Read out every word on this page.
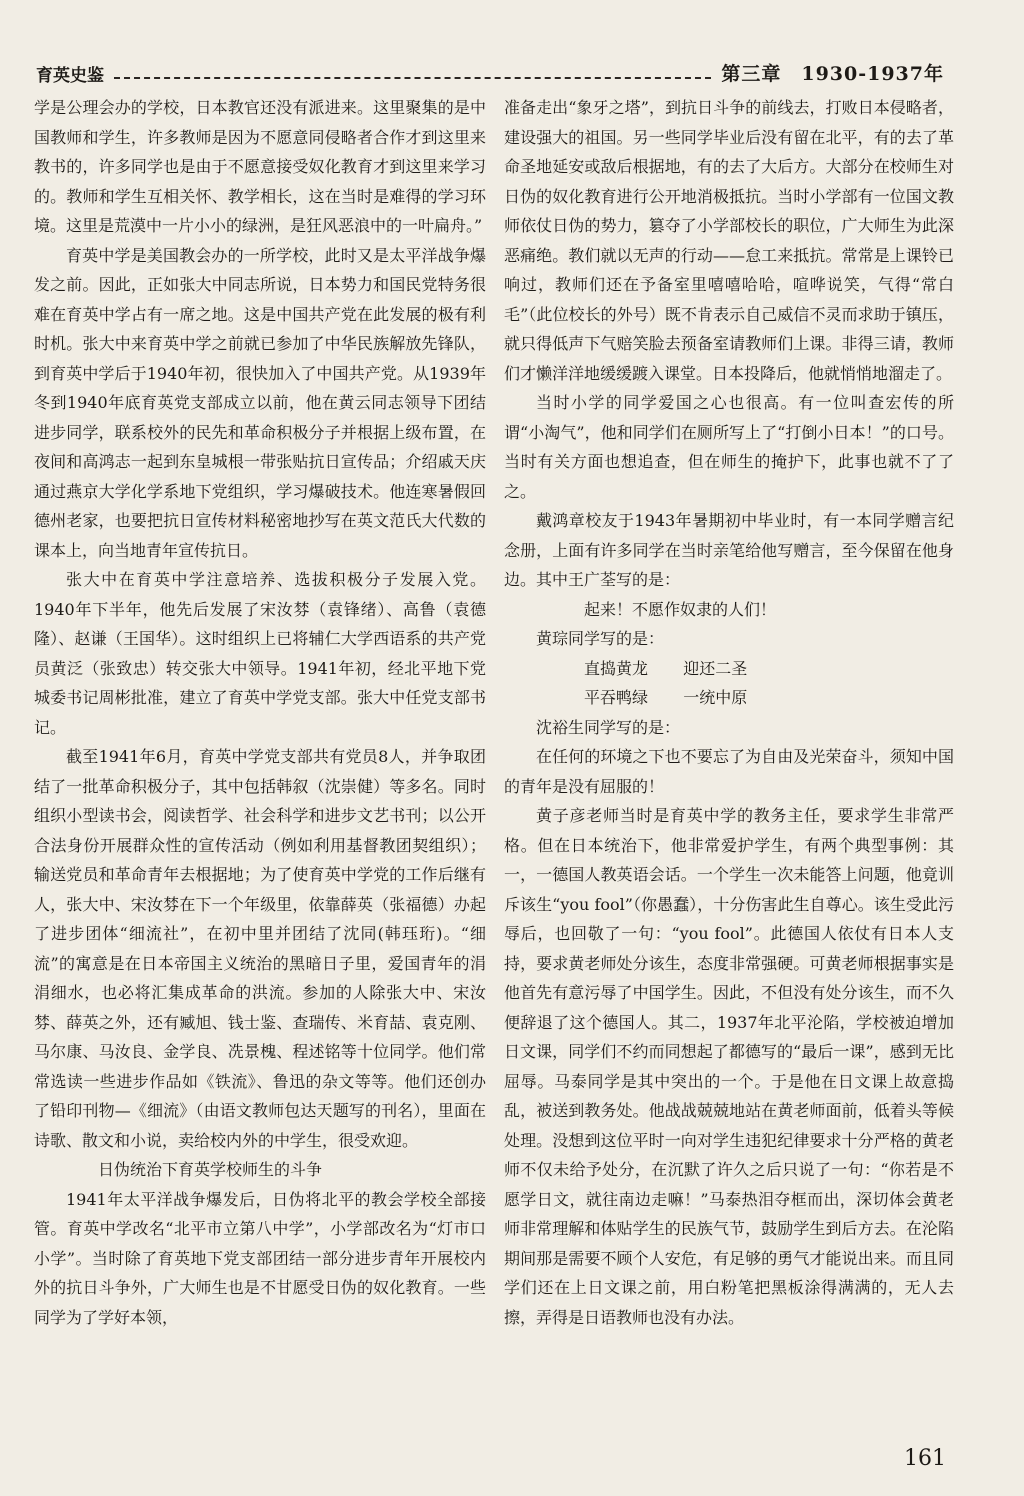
育英史鉴	第三章　1930-1937年

学是公理会办的学校，日本教官还没有派进来。这里聚集的是中国教师和学生，许多教师是因为不愿意同侵略者合作才到这里来教书的，许多同学也是由于不愿意接受奴化教育才到这里来学习的。教师和学生互相关怀、教学相长，这在当时是难得的学习环境。这里是荒漠中一片小小的绿洲，是狂风恶浪中的一叶扁舟。”

育英中学是美国教会办的一所学校，此时又是太平洋战争爆发之前。因此，正如张大中同志所说，日本势力和国民党特务很难在育英中学占有一席之地。这是中国共产党在此发展的极有利时机。张大中来育英中学之前就已参加了中华民族解放先锋队，到育英中学后于1940年初，很快加入了中国共产党。从1939年冬到1940年底育英党支部成立以前，他在黄云同志领导下团结进步同学，联系校外的民先和革命积极分子并根据上级布置，在夜间和高鸿志一起到东皇城根一带张贴抗日宣传品；介绍戚天庆通过燕京大学化学系地下党组织，学习爆破技术。他连寒暑假回德州老家，也要把抗日宣传材料秘密地抄写在英文范氏大代数的课本上，向当地青年宣传抗日。

张大中在育英中学注意培养、选拔积极分子发展入党。1940年下半年，他先后发展了宋汝棼（袁锋绪）、高鲁（袁德隆）、赵谦（王国华）。这时组织上已将辅仁大学西语系的共产党员黄泛（张致忠）转交张大中领导。1941年初，经北平地下党城委书记周彬批准，建立了育英中学党支部。张大中任党支部书记。

截至1941年6月，育英中学党支部共有党员8人，并争取团结了一批革命积极分子，其中包括韩叙（沈崇健）等多名。同时组织小型读书会，阅读哲学、社会科学和进步文艺书刊；以公开合法身份开展群众性的宣传活动（例如利用基督教团契组织）；输送党员和革命青年去根据地；为了使育英中学党的工作后继有人，张大中、宋汝棼在下一个年级里，依靠薛英（张福德）办起了进步团体“细流社”，在初中里并团结了沈同(韩珏珩)。“细流”的寓意是在日本帝国主义统治的黑暗日子里，爱国青年的涓涓细水，也必将汇集成革命的洪流。参加的人除张大中、宋汝棼、薛英之外，还有臧旭、钱士鉴、查瑞传、米育喆、袁克刚、马尔康、马汝良、金学良、冼景槐、程述铭等十位同学。他们常常选读一些进步作品如《铁流》、鲁迅的杂文等等。他们还创办了铅印刊物—《细流》（由语文教师包达天题写的刊名），里面在诗歌、散文和小说，卖给校内外的中学生，很受欢迎。

日伪统治下育英学校师生的斗争

1941年太平洋战争爆发后，日伪将北平的教会学校全部接管。育英中学改名“北平市立第八中学”，小学部改名为“灯市口小学”。当时除了育英地下党支部团结一部分进步青年开展校内外的抗日斗争外，广大师生也是不甘愿受日伪的奴化教育。一些同学为了学好本领，

准备走出“象牙之塔”，到抗日斗争的前线去，打败日本侵略者，建设强大的祖国。另一些同学毕业后没有留在北平，有的去了革命圣地延安或敌后根据地，有的去了大后方。大部分在校师生对日伪的奴化教育进行公开地消极抵抗。当时小学部有一位国文教师依仗日伪的势力，篡夺了小学部校长的职位，广大师生为此深恶痛绝。教们就以无声的行动——怠工来抵抗。常常是上课铃已响过，教师们还在予备室里嘻嘻哈哈，喧哗说笑，气得“常白毛”（此位校长的外号）既不肯表示自己威信不灵而求助于镇压，就只得低声下气赔笑脸去预备室请教师们上课。非得三请，教师们才懒洋洋地缓缓踱入课堂。日本投降后，他就悄悄地溜走了。

当时小学的同学爱国之心也很高。有一位叫查宏传的所谓“小淘气”，他和同学们在厕所写上了“打倒小日本！”的口号。当时有关方面也想追查，但在师生的掩护下，此事也就不了了之。

戴鸿章校友于1943年暑期初中毕业时，有一本同学赠言纪念册，上面有许多同学在当时亲笔给他写赠言，至今保留在他身边。其中王广荃写的是：

起来！不愿作奴隶的人们！

黄琮同学写的是：

直捣黄龙 迎还二圣

平吞鸭绿 一统中原

沈裕生同学写的是：

在任何的环境之下也不要忘了为自由及光荣奋斗，须知中国的青年是没有屈服的！

黄子彦老师当时是育英中学的教务主任，要求学生非常严格。但在日本统治下，他非常爱护学生，有两个典型事例：其一，一德国人教英语会话。一个学生一次未能答上问题，他竟训斥该生“you fool”（你愚蠢），十分伤害此生自尊心。该生受此污辱后，也回敬了一句：“you fool”。此德国人依仗有日本人支持，要求黄老师处分该生，态度非常强硬。可黄老师根据事实是他首先有意污辱了中国学生。因此，不但没有处分该生，而不久便辞退了这个德国人。其二，1937年北平沦陷，学校被迫增加日文课，同学们不约而同想起了都德写的“最后一课”，感到无比屈辱。马泰同学是其中突出的一个。于是他在日文课上故意捣乱，被送到教务处。他战战兢兢地站在黄老师面前，低着头等候处理。没想到这位平时一向对学生违犯纪律要求十分严格的黄老师不仅未给予处分，在沉默了许久之后只说了一句：“你若是不愿学日文，就往南边走嘛！”马泰热泪夺框而出，深切体会黄老师非常理解和体贴学生的民族气节，鼓励学生到后方去。在沦陷期间那是需要不顾个人安危，有足够的勇气才能说出来。而且同学们还在上日文课之前，用白粉笔把黑板涂得满满的，无人去擦，弄得是日语教师也没有办法。

161
